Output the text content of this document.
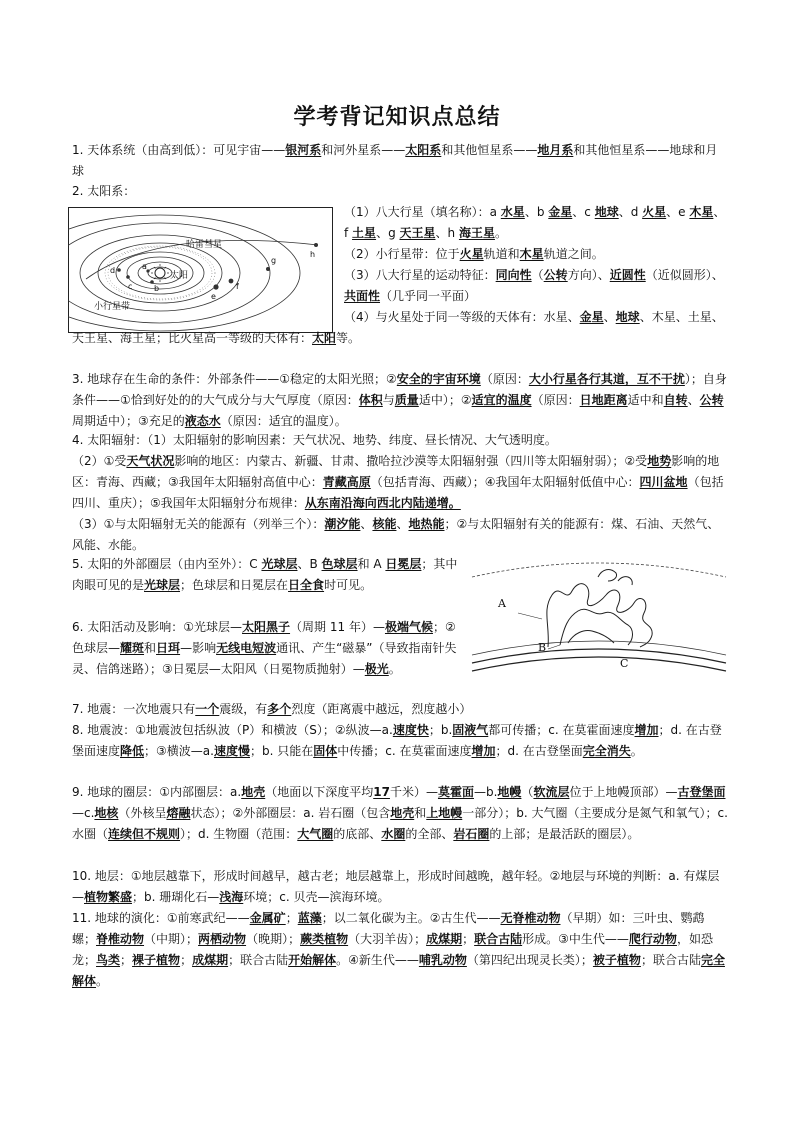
学考背记知识点总结
1. 天体系统（由高到低）：可见宇宙——银河系和河外星系——太阳系和其他恒星系——地月系和其他恒星系——地球和月球
2. 太阳系：
太阳
哈雷彗星
小行星带
a
b
c
d
e
f
g
h
（1）八大行星（填名称）：a 水星、b 金星、c 地球、d 火星、e 木星、f 土星、g 天王星、h 海王星。
（2）小行星带：位于火星轨道和木星轨道之间。
（3）八大行星的运动特征：同向性（公转方向）、近圆性（近似圆形）、共面性（几乎同一平面）
（4）与火星处于同一等级的天体有：水星、金星、地球、木星、土星、天王星、海王星；比火星高一等级的天体有：太阳等。
3. 地球存在生命的条件：外部条件——①稳定的太阳光照；②安全的宇宙环境（原因：大小行星各行其道，互不干扰）；自身条件——①恰到好处的的大气成分与大气厚度（原因：体积与质量适中）；②适宜的温度（原因：日地距离适中和自转、公转周期适中）；③充足的液态水（原因：适宜的温度）。
4. 太阳辐射：（1）太阳辐射的影响因素：天气状况、地势、纬度、昼长情况、大气透明度。
（2）①受天气状况影响的地区：内蒙古、新疆、甘肃、撒哈拉沙漠等太阳辐射强（四川等太阳辐射弱）；②受地势影响的地区：青海、西藏；③我国年太阳辐射高值中心：青藏高原（包括青海、西藏）；④我国年太阳辐射低值中心：四川盆地（包括四川、重庆）；⑤我国年太阳辐射分布规律：从东南沿海向西北内陆递增。
（3）①与太阳辐射无关的能源有（列举三个）：潮汐能、核能、地热能；②与太阳辐射有关的能源有：煤、石油、天然气、风能、水能。
A
B
C
5. 太阳的外部圈层（由内至外）：C 光球层、B 色球层和 A 日冕层；其中肉眼可见的是光球层；色球层和日冕层在日全食时可见。
6. 太阳活动及影响：①光球层—太阳黑子（周期 11 年）—极端气候；②色球层—耀斑和日珥—影响无线电短波通讯、产生“磁暴”（导致指南针失灵、信鸽迷路）；③日冕层—太阳风（日冕物质抛射）—极光。
7. 地震：一次地震只有一个震级，有多个烈度（距离震中越远，烈度越小）
8. 地震波：①地震波包括纵波（P）和横波（S）；②纵波—a.速度快；b.固液气都可传播；c. 在莫霍面速度增加；d. 在古登堡面速度降低；③横波—a.速度慢；b. 只能在固体中传播；c. 在莫霍面速度增加；d. 在古登堡面完全消失。
9. 地球的圈层：①内部圈层：a.地壳（地面以下深度平均17千米）—莫霍面—b.地幔（软流层位于上地幔顶部）—古登堡面—c.地核（外核呈熔融状态）；②外部圈层：a. 岩石圈（包含地壳和上地幔一部分）；b. 大气圈（主要成分是氮气和氧气）；c. 水圈（连续但不规则）；d. 生物圈（范围：大气圈的底部、水圈的全部、岩石圈的上部；是最活跃的圈层）。
10. 地层：①地层越靠下，形成时间越早，越古老；地层越靠上，形成时间越晚，越年轻。②地层与环境的判断：a. 有煤层—植物繁盛；b. 珊瑚化石—浅海环境；c. 贝壳—滨海环境。
11. 地球的演化：①前寒武纪——金属矿；蓝藻；以二氧化碳为主。②古生代——无脊椎动物（早期）如：三叶虫、鹦鹉螺；脊椎动物（中期）；两栖动物（晚期）；蕨类植物（大羽羊齿）；成煤期；联合古陆形成。③中生代——爬行动物，如恐龙；鸟类；裸子植物；成煤期；联合古陆开始解体。④新生代——哺乳动物（第四纪出现灵长类）；被子植物；联合古陆完全解体。
